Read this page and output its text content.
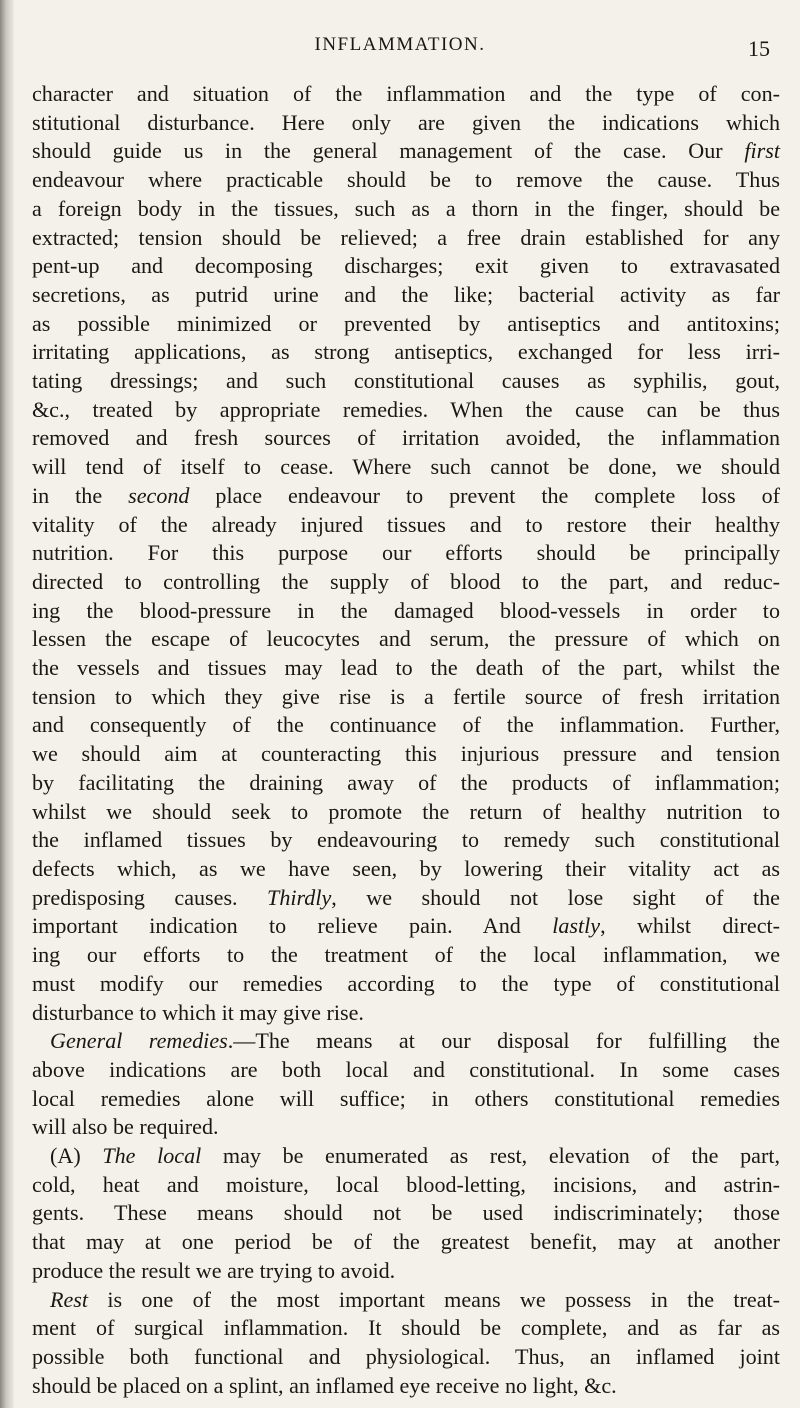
INFLAMMATION.	15

character and situation of the inflammation and the type of con-
stitutional disturbance. Here only are given the indications which
should guide us in the general management of the case. Our first
endeavour where practicable should be to remove the cause. Thus
a foreign body in the tissues, such as a thorn in the finger, should be
extracted; tension should be relieved; a free drain established for any
pent-up and decomposing discharges; exit given to extravasated
secretions, as putrid urine and the like; bacterial activity as far
as possible minimized or prevented by antiseptics and antitoxins;
irritating applications, as strong antiseptics, exchanged for less irri-
tating dressings; and such constitutional causes as syphilis, gout,
&c., treated by appropriate remedies. When the cause can be thus
removed and fresh sources of irritation avoided, the inflammation
will tend of itself to cease. Where such cannot be done, we should
in the second place endeavour to prevent the complete loss of
vitality of the already injured tissues and to restore their healthy
nutrition. For this purpose our efforts should be principally
directed to controlling the supply of blood to the part, and reduc-
ing the blood-pressure in the damaged blood-vessels in order to
lessen the escape of leucocytes and serum, the pressure of which on
the vessels and tissues may lead to the death of the part, whilst the
tension to which they give rise is a fertile source of fresh irritation
and consequently of the continuance of the inflammation. Further,
we should aim at counteracting this injurious pressure and tension
by facilitating the draining away of the products of inflammation;
whilst we should seek to promote the return of healthy nutrition to
the inflamed tissues by endeavouring to remedy such constitutional
defects which, as we have seen, by lowering their vitality act as
predisposing causes. Thirdly, we should not lose sight of the
important indication to relieve pain. And lastly, whilst direct-
ing our efforts to the treatment of the local inflammation, we
must modify our remedies according to the type of constitutional
disturbance to which it may give rise.

General remedies.—The means at our disposal for fulfilling the
above indications are both local and constitutional. In some cases
local remedies alone will suffice; in others constitutional remedies
will also be required.

(A) The local may be enumerated as rest, elevation of the part,
cold, heat and moisture, local blood-letting, incisions, and astrin-
gents. These means should not be used indiscriminately; those
that may at one period be of the greatest benefit, may at another
produce the result we are trying to avoid.

Rest is one of the most important means we possess in the treat-
ment of surgical inflammation. It should be complete, and as far as
possible both functional and physiological. Thus, an inflamed joint
should be placed on a splint, an inflamed eye receive no light, &c.
